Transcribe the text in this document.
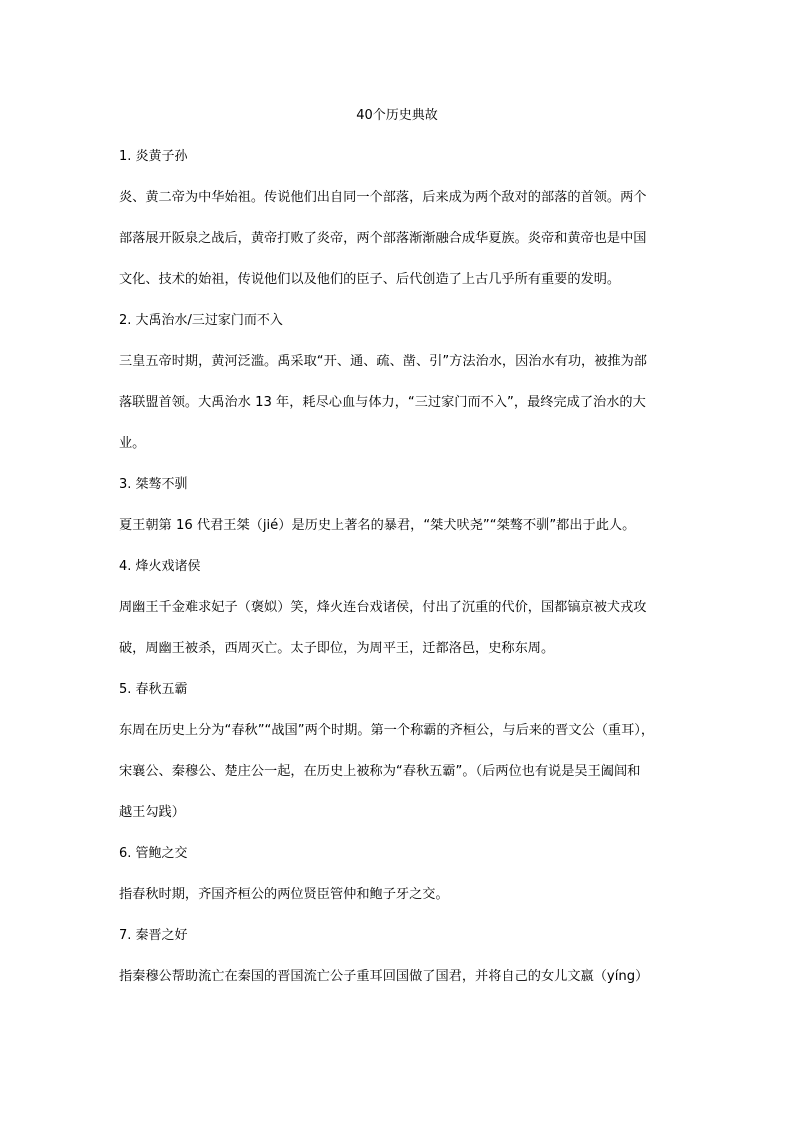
40个历史典故
1. 炎黄子孙
炎、黄二帝为中华始祖。传说他们出自同一个部落，后来成为两个敌对的部落的首领。两个
部落展开阪泉之战后，黄帝打败了炎帝，两个部落渐渐融合成华夏族。炎帝和黄帝也是中国
文化、技术的始祖，传说他们以及他们的臣子、后代创造了上古几乎所有重要的发明。
2. 大禹治水/三过家门而不入
三皇五帝时期，黄河泛滥。禹采取“开、通、疏、凿、引”方法治水，因治水有功，被推为部
落联盟首领。大禹治水 13 年，耗尽心血与体力，“三过家门而不入”，最终完成了治水的大
业。
3. 桀骜不驯
夏王朝第 16 代君王桀（jié）是历史上著名的暴君，“桀犬吠尧”“桀骜不驯”都出于此人。
4. 烽火戏诸侯
周幽王千金难求妃子（褒姒）笑，烽火连台戏诸侯，付出了沉重的代价，国都镐京被犬戎攻
破，周幽王被杀，西周灭亡。太子即位，为周平王，迁都洛邑，史称东周。
5. 春秋五霸
东周在历史上分为“春秋”“战国”两个时期。第一个称霸的齐桓公，与后来的晋文公（重耳），
宋襄公、秦穆公、楚庄公一起，在历史上被称为“春秋五霸”。（后两位也有说是吴王阖闾和
越王勾践）
6. 管鲍之交
指春秋时期，齐国齐桓公的两位贤臣管仲和鲍子牙之交。
7. 秦晋之好
指秦穆公帮助流亡在秦国的晋国流亡公子重耳回国做了国君，并将自己的女儿文嬴（yíng）
